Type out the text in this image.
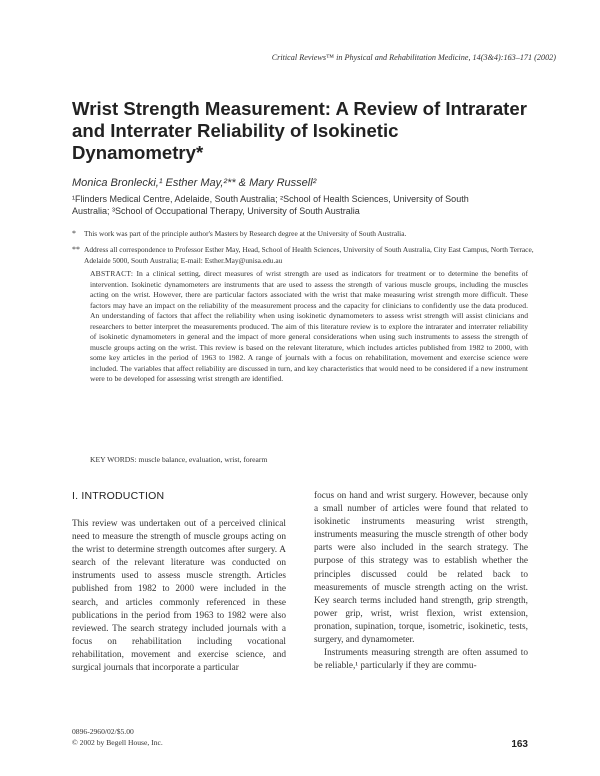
Critical Reviews™ in Physical and Rehabilitation Medicine, 14(3&4):163–171 (2002)
Wrist Strength Measurement: A Review of Intrarater and Interrater Reliability of Isokinetic Dynamometry*
Monica Bronlecki,¹ Esther May,²** & Mary Russell²
¹Flinders Medical Centre, Adelaide, South Australia; ²School of Health Sciences, University of South Australia; ³School of Occupational Therapy, University of South Australia
* This work was part of the principle author's Masters by Research degree at the University of South Australia.
** Address all correspondence to Professor Esther May, Head, School of Health Sciences, University of South Australia, City East Campus, North Terrace, Adelaide 5000, South Australia; E-mail: Esther.May@unisa.edu.au
ABSTRACT: In a clinical setting, direct measures of wrist strength are used as indicators for treatment or to determine the benefits of intervention. Isokinetic dynamometers are instruments that are used to assess the strength of various muscle groups, including the muscles acting on the wrist. However, there are particular factors associated with the wrist that make measuring wrist strength more difficult. These factors may have an impact on the reliability of the measurement process and the capacity for clinicians to confidently use the data produced. An understanding of factors that affect the reliability when using isokinetic dynamometers to assess wrist strength will assist clinicians and researchers to better interpret the measurements produced. The aim of this literature review is to explore the intrarater and interrater reliability of isokinetic dynamometers in general and the impact of more general considerations when using such instruments to assess the strength of muscle groups acting on the wrist. This review is based on the relevant literature, which includes articles published from 1982 to 2000, with some key articles in the period of 1963 to 1982. A range of journals with a focus on rehabilitation, movement and exercise science were included. The variables that affect reliability are discussed in turn, and key characteristics that would need to be considered if a new instrument were to be developed for assessing wrist strength are identified.
KEY WORDS: muscle balance, evaluation, wrist, forearm
I. INTRODUCTION

This review was undertaken out of a perceived clinical need to measure the strength of muscle groups acting on the wrist to determine strength outcomes after surgery. A search of the relevant literature was conducted on instruments used to assess muscle strength. Articles published from 1982 to 2000 were included in the search, and articles commonly referenced in these publications in the period from 1963 to 1982 were also reviewed. The search strategy included journals with a focus on rehabilitation including vocational rehabilitation, movement and exercise science, and surgical journals that incorporate a particular

focus on hand and wrist surgery. However, because only a small number of articles were found that related to isokinetic instruments measuring wrist strength, instruments measuring the muscle strength of other body parts were also included in the search strategy. The purpose of this strategy was to establish whether the principles discussed could be related back to measurements of muscle strength acting on the wrist. Key search terms included hand strength, grip strength, power grip, wrist, wrist flexion, wrist extension, pronation, supination, torque, isometric, isokinetic, tests, surgery, and dynamometer.

Instruments measuring strength are often assumed to be reliable,¹ particularly if they are commu-

0896-2960/02/$5.00
© 2002 by Begell House, Inc.	163
